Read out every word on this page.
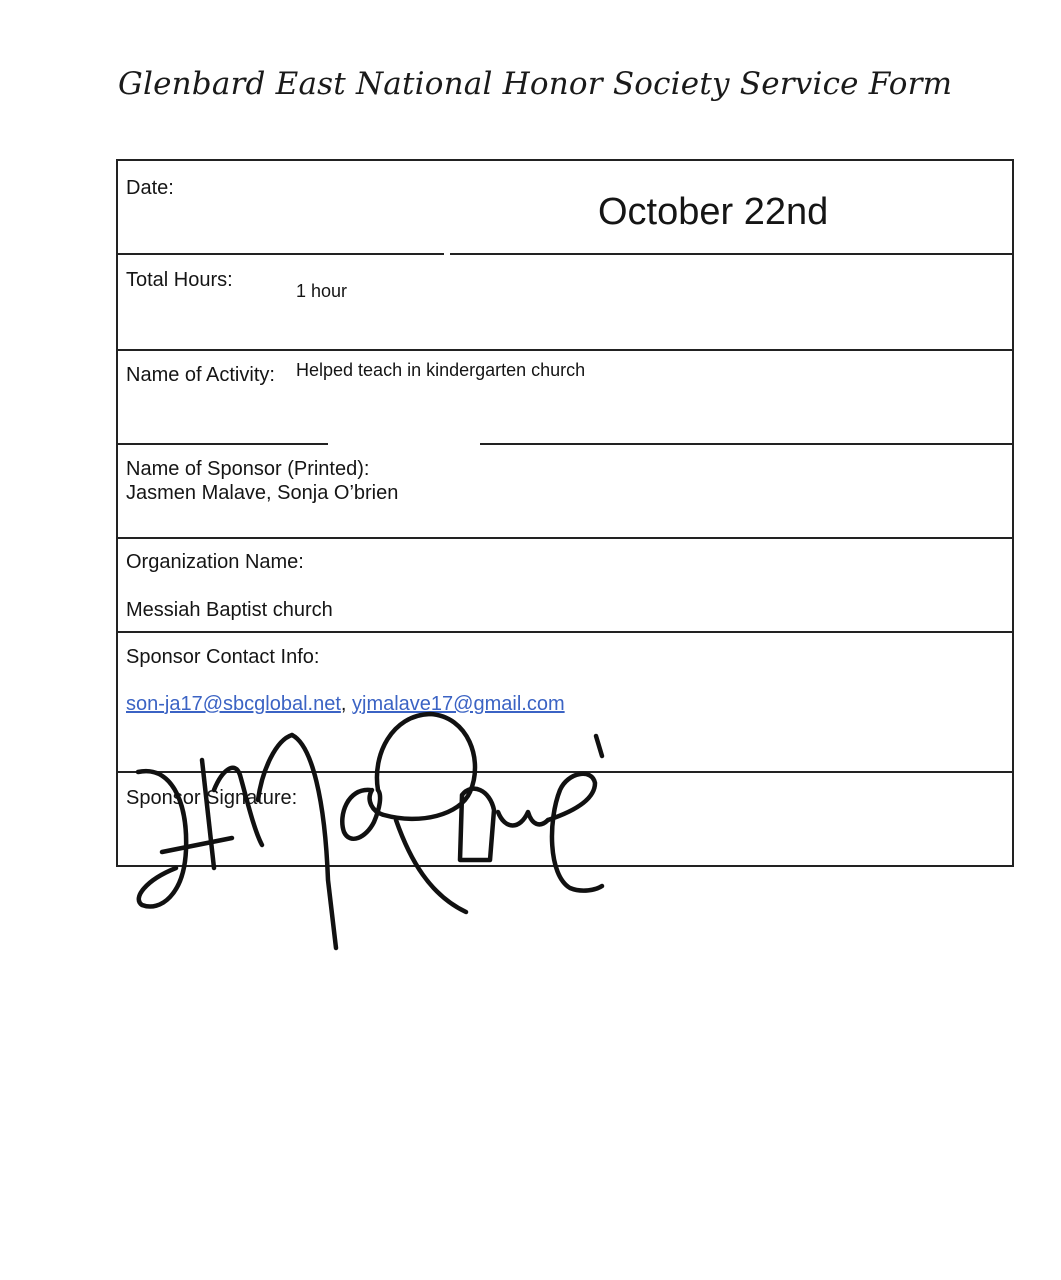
Glenbard East National Honor Society Service Form
Date:
October 22nd
Total Hours:	1 hour
Name of Activity: Helped teach in kindergarten church
Name of Sponsor (Printed):
Jasmen Malave, Sonja O’brien
Organization Name:
Messiah Baptist church
Sponsor Contact Info:
son-ja17@sbcglobal.net, yjmalave17@gmail.com
Sponsor Signature:
